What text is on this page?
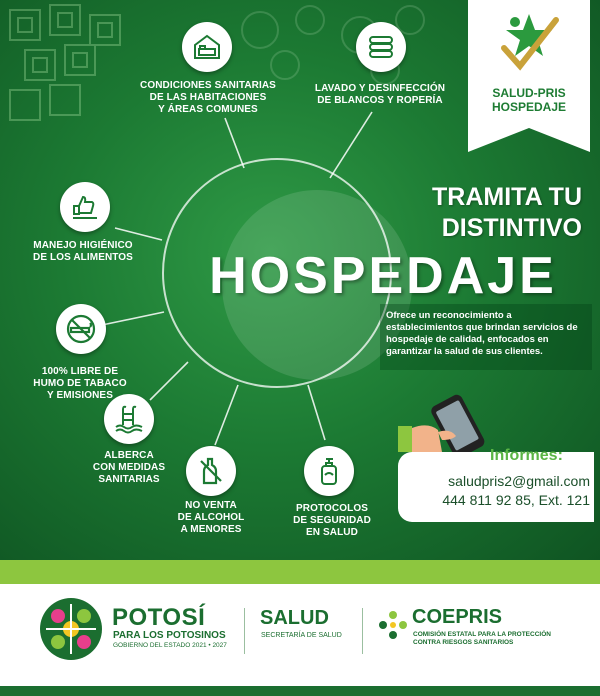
CONDICIONES SANITARIAS
DE LAS HABITACIONES
Y ÁREAS COMUNES
LAVADO Y DESINFECCIÓN
DE BLANCOS Y ROPERÍA
MANEJO HIGIÉNICO
DE LOS ALIMENTOS
100% LIBRE DE
HUMO DE TABACO
Y EMISIONES
ALBERCA
CON MEDIDAS
SANITARIAS
NO VENTA
DE ALCOHOL
A MENORES
PROTOCOLOS
DE SEGURIDAD
EN SALUD
SALUD-PRIS
HOSPEDAJE
TRAMITA TU
DISTINTIVO
HOSPEDAJE
Ofrece un reconocimiento a establecimientos que brindan servicios de hospedaje de calidad, enfocados en garantizar la salud de sus clientes.
Informes:
saludpris2@gmail.com
444 811 92 85, Ext. 121
POTOSÍ
PARA LOS POTOSINOS
GOBIERNO DEL ESTADO 2021 • 2027
SALUD
SECRETARÍA DE SALUD
COEPRIS
COMISIÓN ESTATAL PARA LA PROTECCIÓN
CONTRA RIESGOS SANITARIOS
